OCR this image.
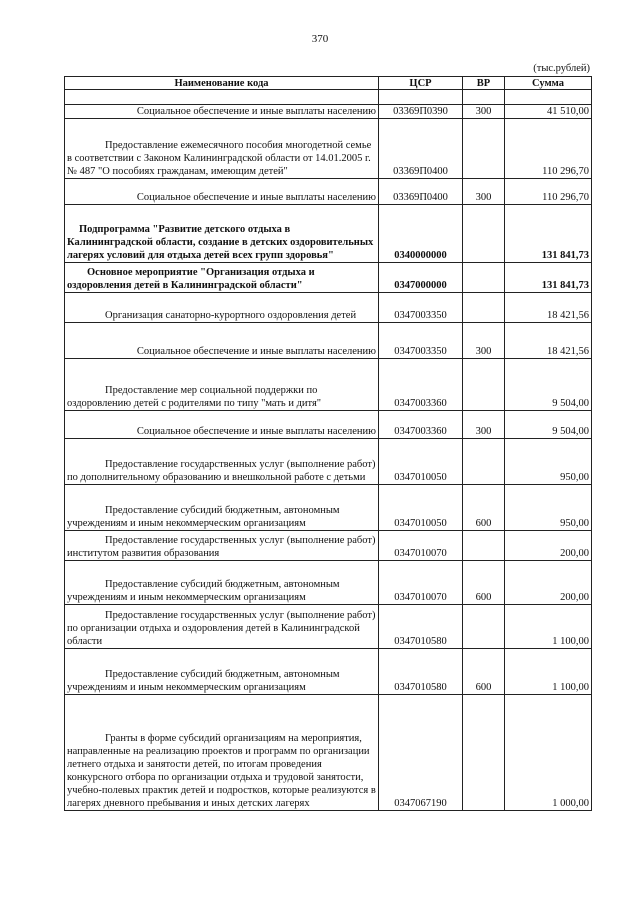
370
(тыс.рублей)
Наименование кода	ЦСР	ВР	Сумма

Социальное обеспечение и иные выплаты населению	03369П0390	300	41 510,00
Предоставление ежемесячного пособия многодетной семье в соответствии с Законом Калининградской области от 14.01.2005 г. № 487 "О пособиях гражданам, имеющим детей"	03369П0400		110 296,70
Социальное обеспечение и иные выплаты населению	03369П0400	300	110 296,70
Подпрограмма "Развитие детского отдыха в Калининградской области, создание в детских оздоровительных лагерях условий для отдыха детей всех групп здоровья"	0340000000		131 841,73
Основное мероприятие "Организация отдыха и оздоровления детей в Калининградской области"	0347000000		131 841,73
Организация санаторно-курортного оздоровления детей	0347003350		18 421,56
Социальное обеспечение и иные выплаты населению	0347003350	300	18 421,56
Предоставление мер социальной поддержки по оздоровлению детей с родителями по типу "мать и дитя"	0347003360		9 504,00
Социальное обеспечение и иные выплаты населению	0347003360	300	9 504,00
Предоставление государственных услуг (выполнение работ) по дополнительному образованию и внешкольной работе с детьми	0347010050		950,00
Предоставление субсидий бюджетным, автономным учреждениям и иным некоммерческим организациям	0347010050	600	950,00
Предоставление государственных услуг (выполнение работ) институтом развития образования	0347010070		200,00
Предоставление субсидий бюджетным, автономным учреждениям и иным некоммерческим организациям	0347010070	600	200,00
Предоставление государственных услуг (выполнение работ) по организации отдыха и оздоровления детей в Калининградской области	0347010580		1 100,00
Предоставление субсидий бюджетным, автономным учреждениям и иным некоммерческим организациям	0347010580	600	1 100,00
Гранты в форме субсидий организациям на мероприятия, направленные на реализацию проектов и программ по организации летнего отдыха и занятости детей, по итогам проведения конкурсного отбора по организации отдыха и трудовой занятости, учебно-полевых практик детей и подростков, которые реализуются в лагерях дневного пребывания и иных детских лагерях	0347067190		1 000,00
